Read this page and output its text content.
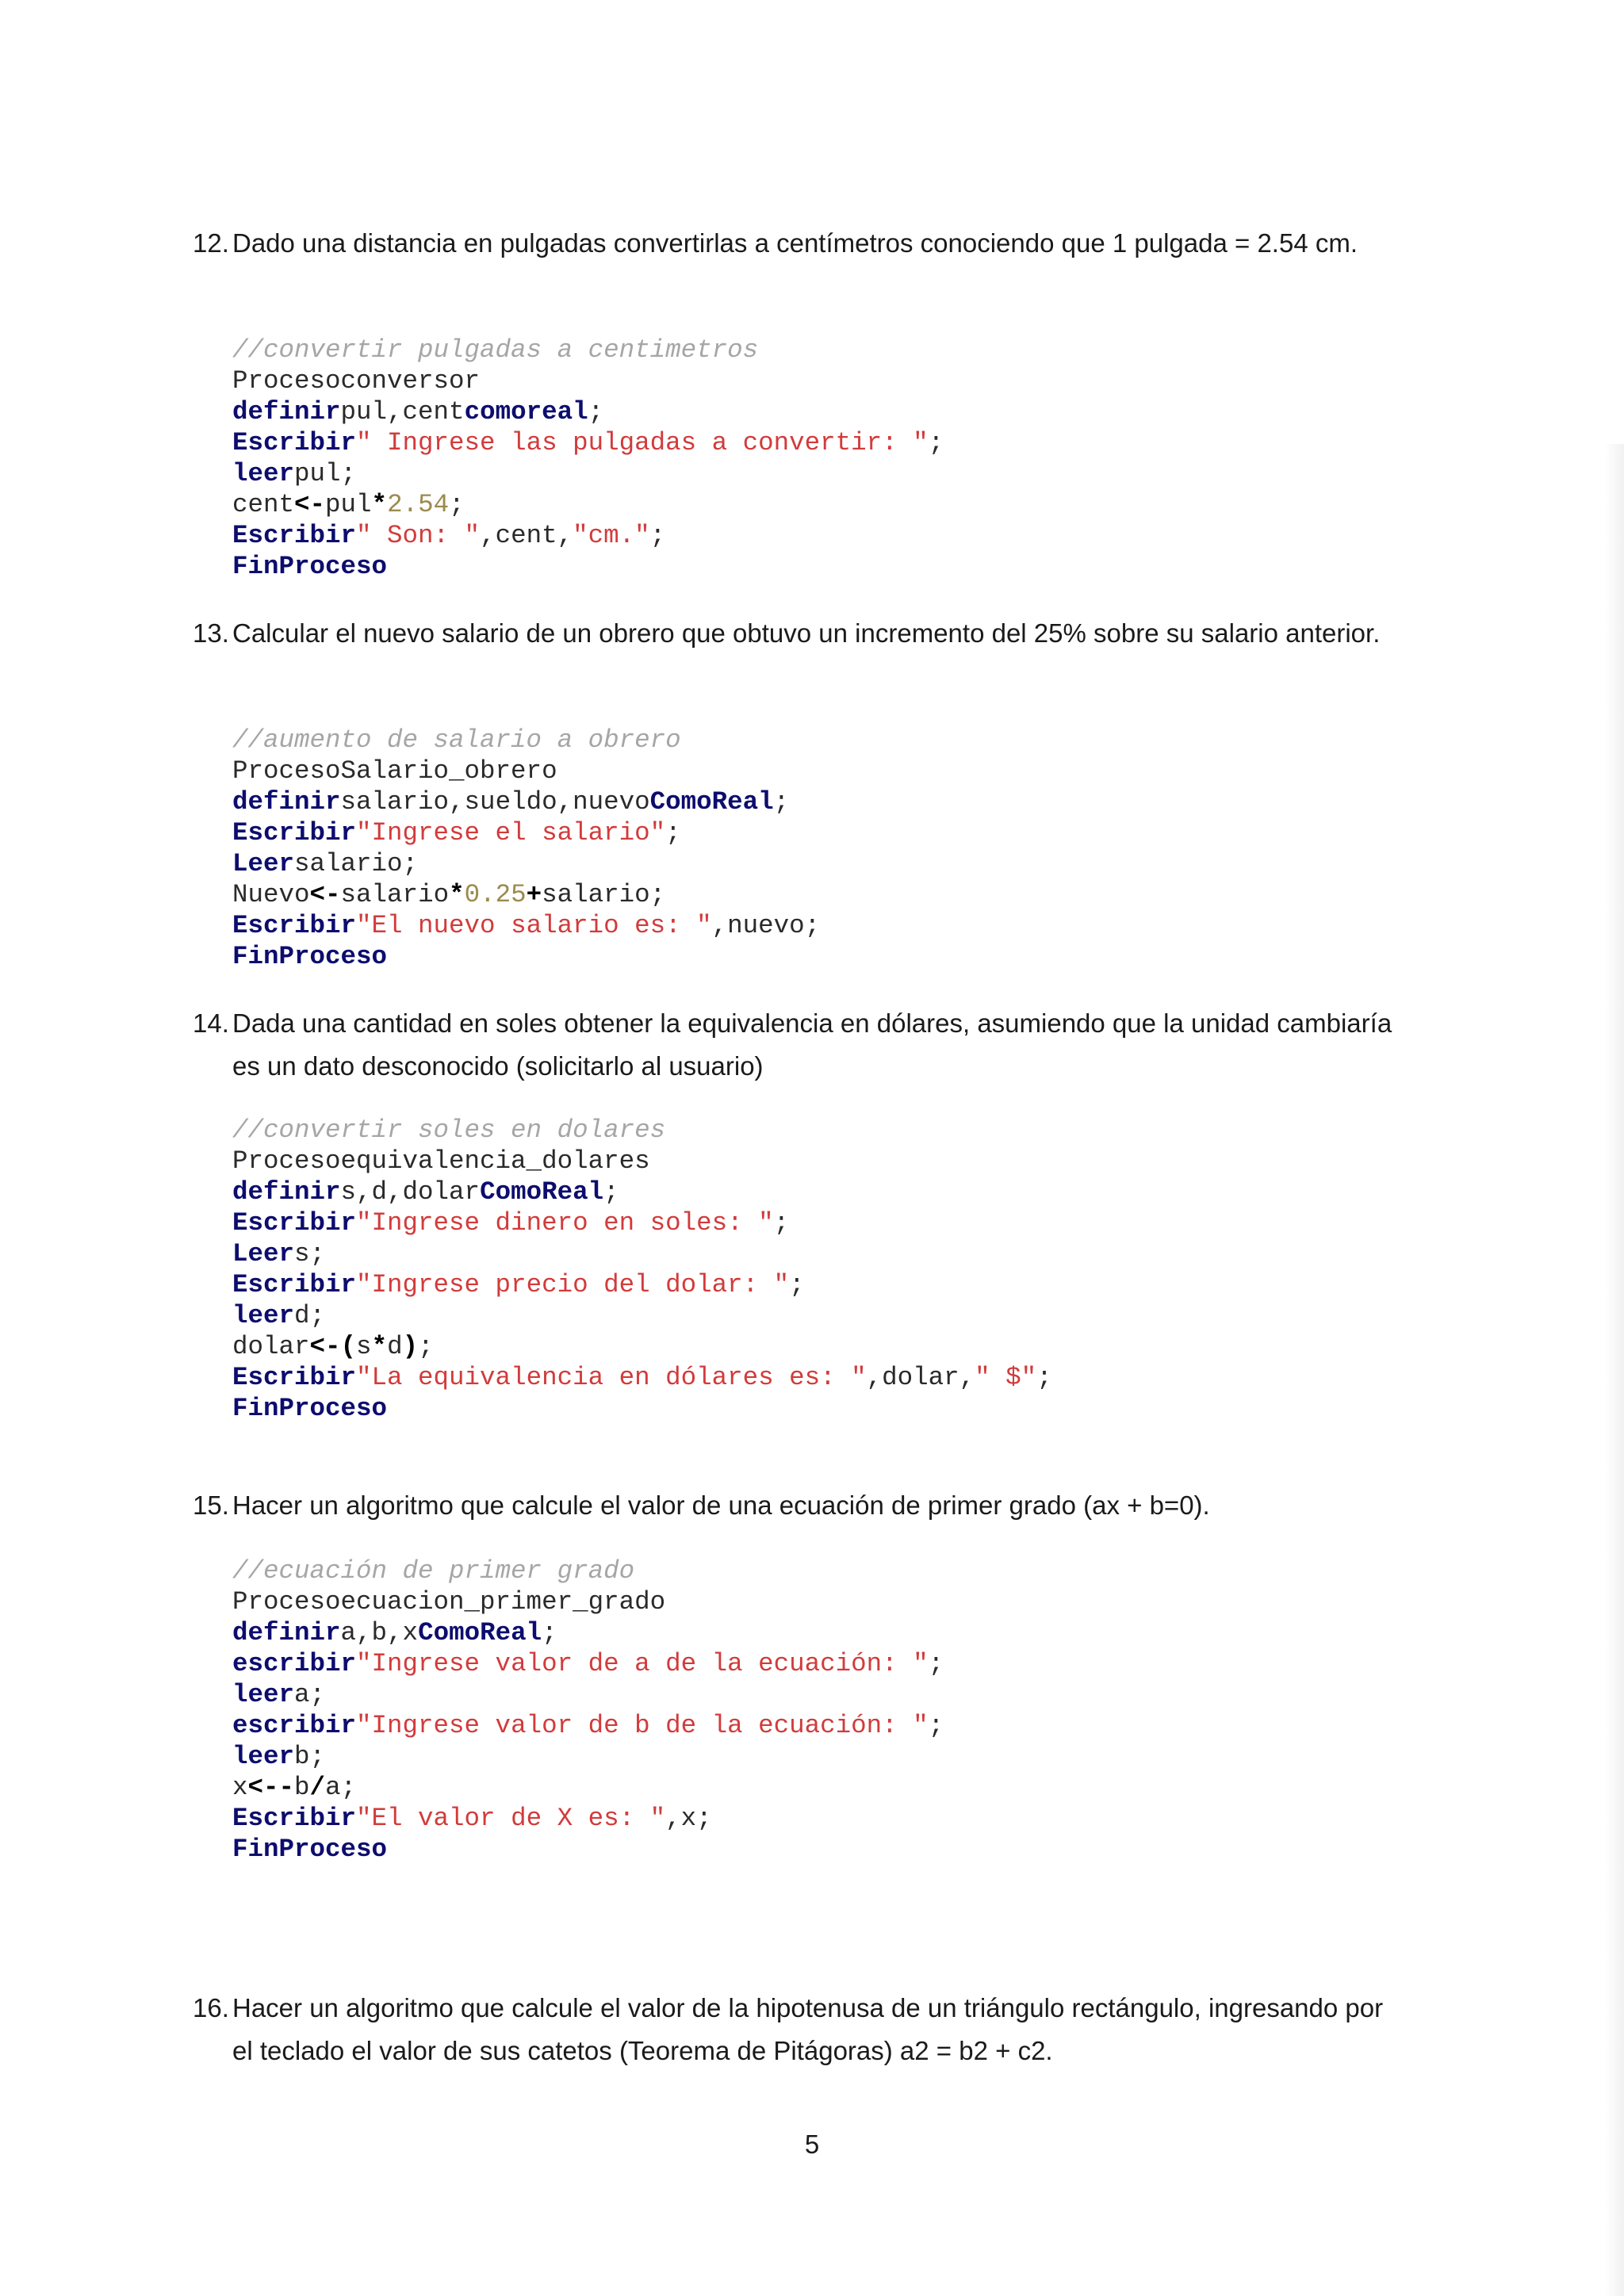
12. Dado una distancia en pulgadas convertirlas a centímetros conociendo que 1 pulgada = 2.54 cm.
//convertir pulgadas a centimetros
Procesoconversor
definirpul,centcomoreal;
Escribir" Ingrese las pulgadas a convertir: ";
leerpul;
cent<-pul*2.54;
Escribir" Son: ",cent,"cm.";
FinProceso
13. Calcular el nuevo salario de un obrero que obtuvo un incremento del 25% sobre su salario anterior.
//aumento de salario a obrero
ProcesoSalario_obrero
definirsalario,sueldo,nuevoComoReal;
Escribir"Ingrese el salario";
Leersalario;
Nuevo<-salario*0.25+salario;
Escribir"El nuevo salario es: ",nuevo;
FinProceso
14. Dada una cantidad en soles obtener la equivalencia en dólares, asumiendo que la unidad cambiaría es un dato desconocido (solicitarlo al usuario)
//convertir soles en dolares
Procesoequivalencia_dolares
definirs,d,dolarComoReal;
Escribir"Ingrese dinero en soles: ";
Leers;
Escribir"Ingrese precio del dolar: ";
leerd;
dolar<-(s*d);
Escribir"La equivalencia en dólares es: ",dolar," $";
FinProceso
15. Hacer un algoritmo que calcule el valor de una ecuación de primer grado (ax + b=0).
//ecuación de primer grado
Procesoecuacion_primer_grado
definira,b,xComoReal;
escribir"Ingrese valor de a de la ecuación: ";
leera;
escribir"Ingrese valor de b de la ecuación: ";
leerb;
x<--b/a;
Escribir"El valor de X es: ",x;
FinProceso
16. Hacer un algoritmo que calcule el valor de la hipotenusa de un triángulo rectángulo, ingresando por el teclado el valor de sus catetos (Teorema de Pitágoras) a2 = b2 + c2.
5
